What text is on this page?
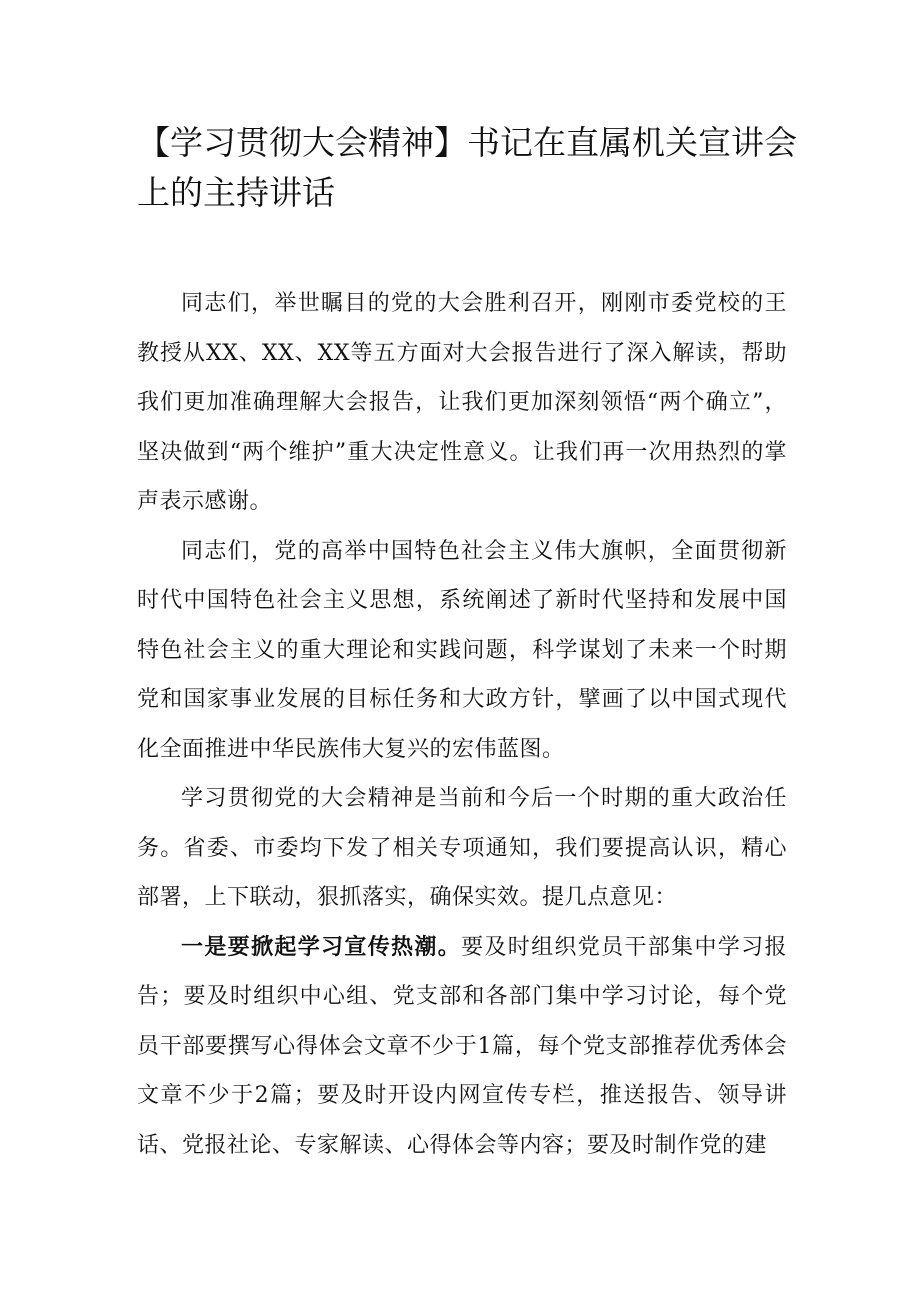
【学习贯彻大会精神】书记在直属机关宣讲会上的主持讲话

同志们，举世瞩目的党的大会胜利召开，刚刚市委党校的王教授从XX、XX、XX等五方面对大会报告进行了深入解读，帮助我们更加准确理解大会报告，让我们更加深刻领悟“两个确立”，坚决做到“两个维护”重大决定性意义。让我们再一次用热烈的掌声表示感谢。

同志们，党的高举中国特色社会主义伟大旗帜，全面贯彻新时代中国特色社会主义思想，系统阐述了新时代坚持和发展中国特色社会主义的重大理论和实践问题，科学谋划了未来一个时期党和国家事业发展的目标任务和大政方针，擘画了以中国式现代化全面推进中华民族伟大复兴的宏伟蓝图。

学习贯彻党的大会精神是当前和今后一个时期的重大政治任务。省委、市委均下发了相关专项通知，我们要提高认识，精心部署，上下联动，狠抓落实，确保实效。提几点意见：

一是要掀起学习宣传热潮。要及时组织党员干部集中学习报告；要及时组织中心组、党支部和各部门集中学习讨论，每个党员干部要撰写心得体会文章不少于1篇，每个党支部推荐优秀体会文章不少于2篇；要及时开设内网宣传专栏，推送报告、领导讲话、党报社论、专家解读、心得体会等内容；要及时制作党的建
